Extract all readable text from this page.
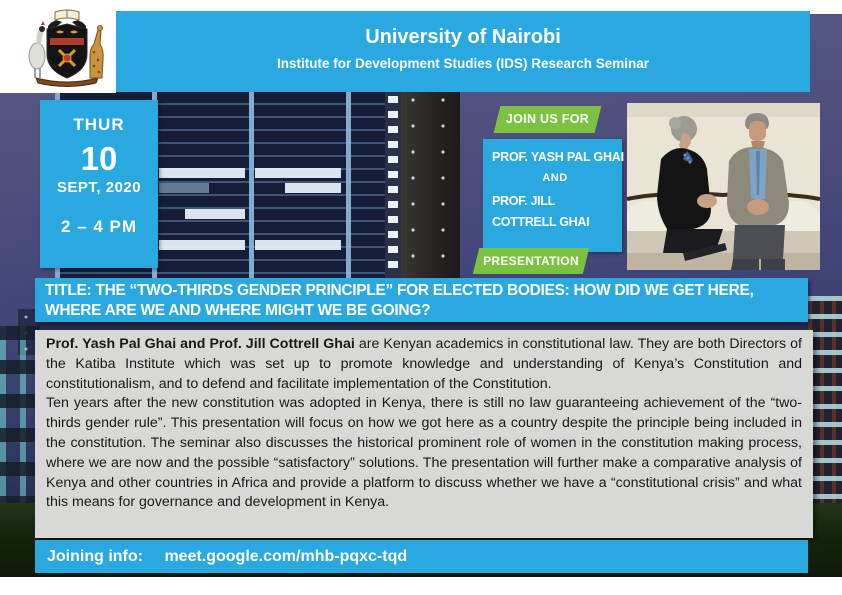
University of Nairobi
Institute for Development Studies (IDS) Research Seminar
THUR
10
SEPT, 2020
2 – 4 PM
JOIN US FOR
PROF. YASH PAL GHAI
AND
PROF. JILL COTTRELL GHAI
PRESENTATION
TITLE: THE “TWO-THIRDS GENDER PRINCIPLE” FOR ELECTED BODIES: HOW DID WE GET HERE, WHERE ARE WE AND WHERE MIGHT WE BE GOING?

Prof. Yash Pal Ghai and Prof. Jill Cottrell Ghai are Kenyan academics in constitutional law. They are both Directors of the Katiba Institute which was set up to promote knowledge and understanding of Kenya’s Constitution and constitutionalism, and to defend and facilitate implementation of the Constitution.

Ten years after the new constitution was adopted in Kenya, there is still no law guaranteeing achievement of the “two-thirds gender rule”. This presentation will focus on how we got here as a country despite the principle being included in the constitution. The seminar also discusses the historical prominent role of women in the constitution making process, where we are now and the possible “satisfactory” solutions. The presentation will further make a comparative analysis of Kenya and other countries in Africa and provide a platform to discuss whether we have a “constitutional crisis” and what this means for governance and development in Kenya.

Joining info: meet.google.com/mhb-pqxc-tqd
